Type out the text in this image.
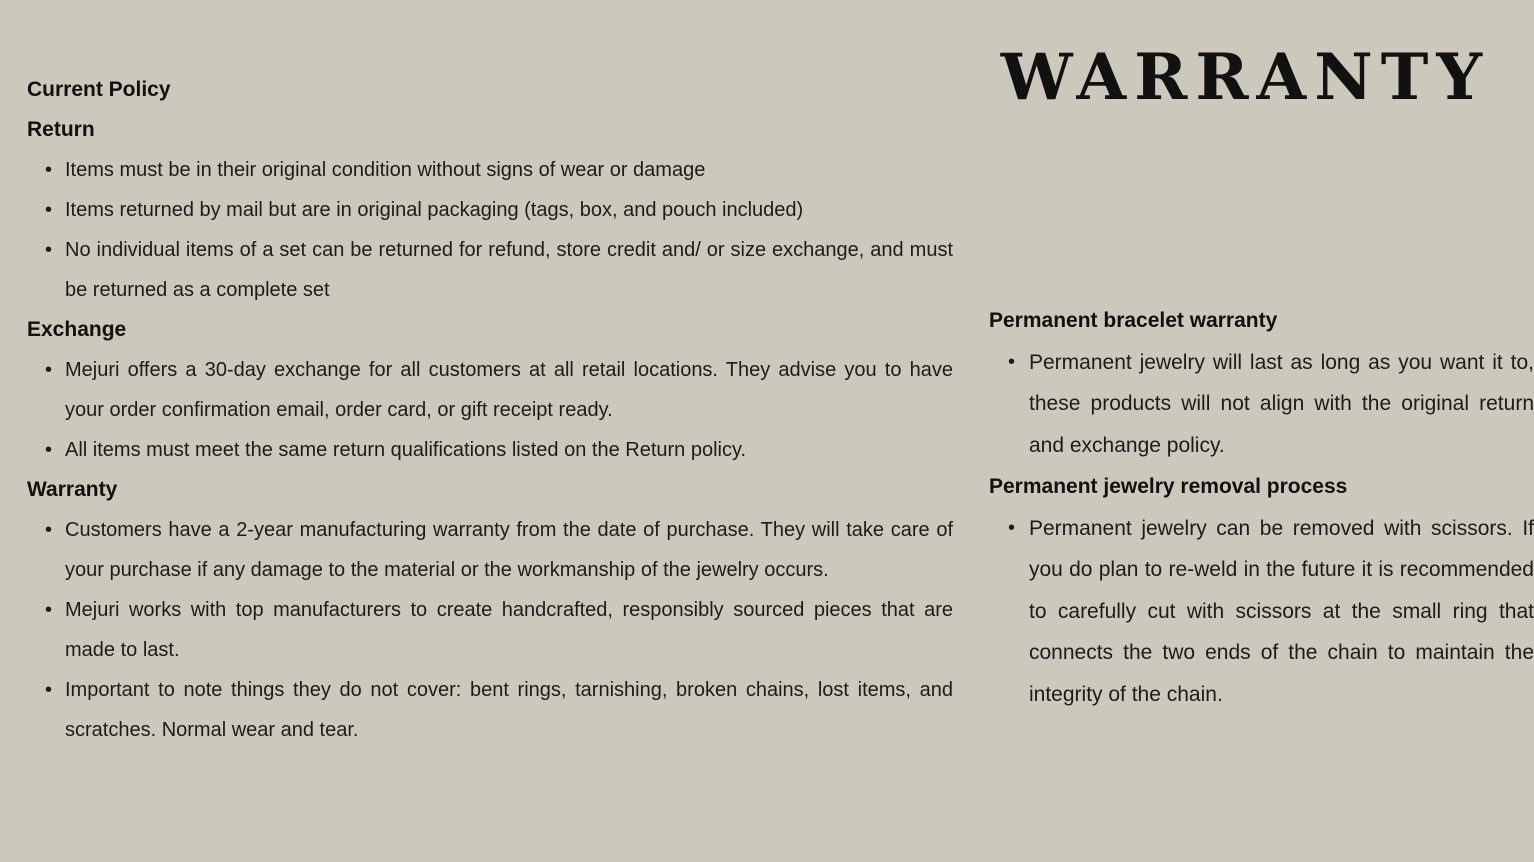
WARRANTY
Current Policy
Return
• Items must be in their original condition without signs of wear or damage
• Items returned by mail but are in original packaging (tags, box, and pouch included)
• No individual items of a set can be returned for refund, store credit and/ or size exchange, and must be returned as a complete set
Exchange
• Mejuri offers a 30-day exchange for all customers at all retail locations. They advise you to have your order confirmation email, order card, or gift receipt ready.
• All items must meet the same return qualifications listed on the Return policy.
Warranty
• Customers have a 2-year manufacturing warranty from the date of purchase. They will take care of your purchase if any damage to the material or the workmanship of the jewelry occurs.
• Mejuri works with top manufacturers to create handcrafted, responsibly sourced pieces that are made to last.
• Important to note things they do not cover: bent rings, tarnishing, broken chains, lost items, and scratches. Normal wear and tear.
Permanent bracelet warranty
• Permanent jewelry will last as long as you want it to, these products will not align with the original return and exchange policy.
Permanent jewelry removal process
• Permanent jewelry can be removed with scissors. If you do plan to re-weld in the future it is recommended to carefully cut with scissors at the small ring that connects the two ends of the chain to maintain the integrity of the chain.
